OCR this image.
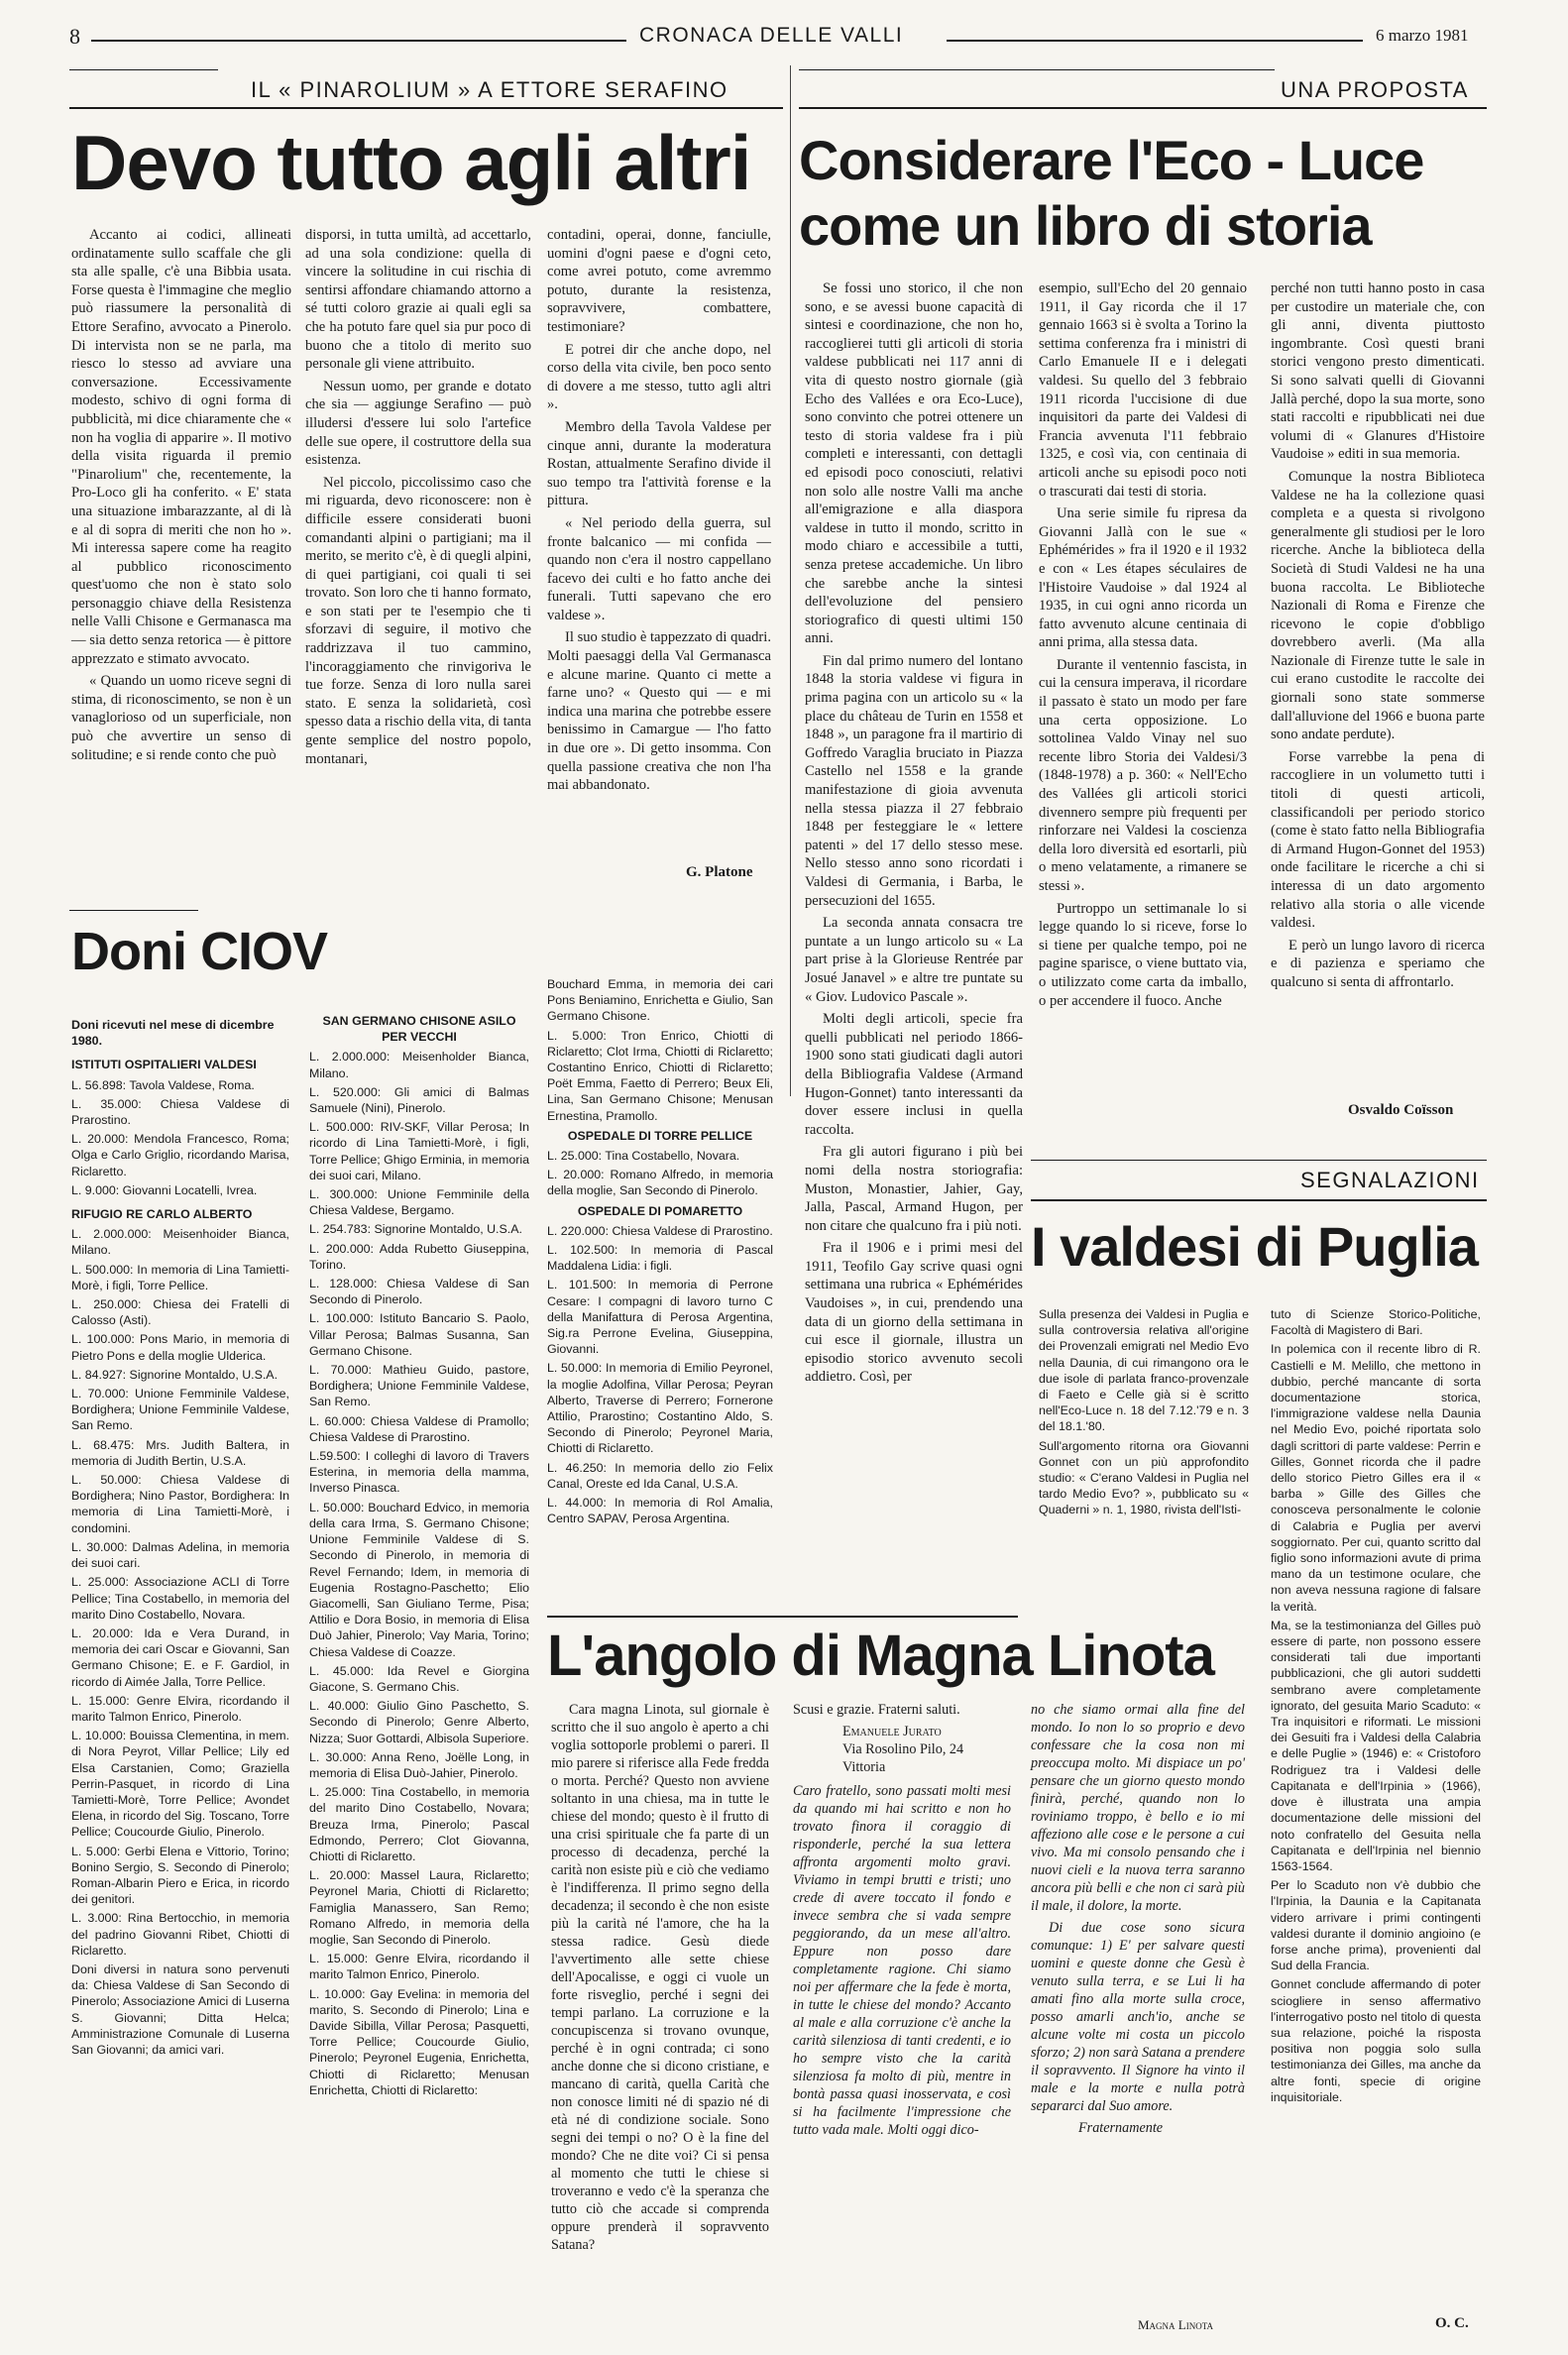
8	CRONACA DELLE VALLI	6 marzo 1981
IL « PINAROLIUM » A ETTORE SERAFINO
Devo tutto agli altri

Accanto ai codici, allineati ordinatamente sullo scaffale che gli sta alle spalle, c'è una Bibbia usata. Forse questa è l'immagine che meglio può riassumere la personalità di Ettore Serafino, avvocato a Pinerolo. Di intervista non se ne parla, ma riesco lo stesso ad avviare una conversazione. Eccessivamente modesto, schivo di ogni forma di pubblicità, mi dice chiaramente che « non ha voglia di apparire ». Il motivo della visita riguarda il premio "Pinarolium" che, recentemente, la Pro-Loco gli ha conferito. « E' stata una situazione imbarazzante, al di là e al di sopra di meriti che non ho ». Mi interessa sapere come ha reagito al pubblico riconoscimento quest'uomo che non è stato solo personaggio chiave della Resistenza nelle Valli Chisone e Germanasca ma — sia detto senza retorica — è pittore apprezzato e stimato avvocato.

« Quando un uomo riceve segni di stima, di riconoscimento, se non è un vanaglorioso od un superficiale, non può che avvertire un senso di solitudine; e si rende conto che può

disporsi, in tutta umiltà, ad accettarlo, ad una sola condizione: quella di vincere la solitudine in cui rischia di sentirsi affondare chiamando attorno a sé tutti coloro grazie ai quali egli sa che ha potuto fare quel sia pur poco di buono che a titolo di merito suo personale gli viene attribuito.

Nessun uomo, per grande e dotato che sia — aggiunge Serafino — può illudersi d'essere lui solo l'artefice delle sue opere, il costruttore della sua esistenza.

Nel piccolo, piccolissimo caso che mi riguarda, devo riconoscere: non è difficile essere considerati buoni comandanti alpini o partigiani; ma il merito, se merito c'è, è di quegli alpini, di quei partigiani, coi quali ti sei trovato. Son loro che ti hanno formato, e son stati per te l'esempio che ti sforzavi di seguire, il motivo che raddrizzava il tuo cammino, l'incoraggiamento che rinvigoriva le tue forze. Senza di loro nulla sarei stato. E senza la solidarietà, così spesso data a rischio della vita, di tanta gente semplice del nostro popolo, montanari,

contadini, operai, donne, fanciulle, uomini d'ogni paese e d'ogni ceto, come avrei potuto, come avremmo potuto, durante la resistenza, sopravvivere, combattere, testimoniare?

E potrei dir che anche dopo, nel corso della vita civile, ben poco sento di dovere a me stesso, tutto agli altri ».

Membro della Tavola Valdese per cinque anni, durante la moderatura Rostan, attualmente Serafino divide il suo tempo tra l'attività forense e la pittura.

« Nel periodo della guerra, sul fronte balcanico — mi confida — quando non c'era il nostro cappellano facevo dei culti e ho fatto anche dei funerali. Tutti sapevano che ero valdese ».

Il suo studio è tappezzato di quadri. Molti paesaggi della Val Germanasca e alcune marine. Quanto ci mette a farne uno? « Questo qui — e mi indica una marina che potrebbe essere benissimo in Camargue — l'ho fatto in due ore ». Di getto insomma. Con quella passione creativa che non l'ha mai abbandonato.

G. Platone
UNA PROPOSTA
Considerare l'Eco - Luce
come un libro di storia

Se fossi uno storico, il che non sono, e se avessi buone capacità di sintesi e coordinazione, che non ho, raccoglierei tutti gli articoli di storia valdese pubblicati nei 117 anni di vita di questo nostro giornale (già Echo des Vallées e ora Eco-Luce), sono convinto che potrei ottenere un testo di storia valdese fra i più completi e interessanti, con dettagli ed episodi poco conosciuti, relativi non solo alle nostre Valli ma anche all'emigrazione e alla diaspora valdese in tutto il mondo, scritto in modo chiaro e accessibile a tutti, senza pretese accademiche. Un libro che sarebbe anche la sintesi dell'evoluzione del pensiero storiografico di questi ultimi 150 anni.

Fin dal primo numero del lontano 1848 la storia valdese vi figura in prima pagina con un articolo su « la place du château de Turin en 1558 et 1848 », un paragone fra il martirio di Goffredo Varaglia bruciato in Piazza Castello nel 1558 e la grande manifestazione di gioia avvenuta nella stessa piazza il 27 febbraio 1848 per festeggiare le « lettere patenti » del 17 dello stesso mese. Nello stesso anno sono ricordati i Valdesi di Germania, i Barba, le persecuzioni del 1655.

La seconda annata consacra tre puntate a un lungo articolo su « La part prise à la Glorieuse Rentrée par Josué Janavel » e altre tre puntate su « Giov. Ludovico Pascale ».

Molti degli articoli, specie fra quelli pubblicati nel periodo 1866-1900 sono stati giudicati dagli autori della Bibliografia Valdese (Armand Hugon-Gonnet) tanto interessanti da dover essere inclusi in quella raccolta.

Fra gli autori figurano i più bei nomi della nostra storiografia: Muston, Monastier, Jahier, Gay, Jalla, Pascal, Armand Hugon, per non citare che qualcuno fra i più noti.

Fra il 1906 e i primi mesi del 1911, Teofilo Gay scrive quasi ogni settimana una rubrica « Ephémérides Vaudoises », in cui, prendendo una data di un giorno della settimana in cui esce il giornale, illustra un episodio storico avvenuto secoli addietro. Così, per

esempio, sull'Echo del 20 gennaio 1911, il Gay ricorda che il 17 gennaio 1663 si è svolta a Torino la settima conferenza fra i ministri di Carlo Emanuele II e i delegati valdesi. Su quello del 3 febbraio 1911 ricorda l'uccisione di due inquisitori da parte dei Valdesi di Francia avvenuta l'11 febbraio 1325, e così via, con centinaia di articoli anche su episodi poco noti o trascurati dai testi di storia.

Una serie simile fu ripresa da Giovanni Jallà con le sue « Ephémérides » fra il 1920 e il 1932 e con « Les étapes séculaires de l'Histoire Vaudoise » dal 1924 al 1935, in cui ogni anno ricorda un fatto avvenuto alcune centinaia di anni prima, alla stessa data.

Durante il ventennio fascista, in cui la censura imperava, il ricordare il passato è stato un modo per fare una certa opposizione. Lo sottolinea Valdo Vinay nel suo recente libro Storia dei Valdesi/3 (1848-1978) a p. 360: « Nell'Echo des Vallées gli articoli storici divennero sempre più frequenti per rinforzare nei Valdesi la coscienza della loro diversità ed esortarli, più o meno velatamente, a rimanere se stessi ».

Purtroppo un settimanale lo si legge quando lo si riceve, forse lo si tiene per qualche tempo, poi ne pagine sparisce, o viene buttato via, o utilizzato come carta da imballo, o per accendere il fuoco. Anche

perché non tutti hanno posto in casa per custodire un materiale che, con gli anni, diventa piuttosto ingombrante. Così questi brani storici vengono presto dimenticati. Si sono salvati quelli di Giovanni Jallà perché, dopo la sua morte, sono stati raccolti e ripubblicati nei due volumi di « Glanures d'Histoire Vaudoise » editi in sua memoria.

Comunque la nostra Biblioteca Valdese ne ha la collezione quasi completa e a questa si rivolgono generalmente gli studiosi per le loro ricerche. Anche la biblioteca della Società di Studi Valdesi ne ha una buona raccolta. Le Biblioteche Nazionali di Roma e Firenze che ricevono le copie d'obbligo dovrebbero averli. (Ma alla Nazionale di Firenze tutte le sale in cui erano custodite le raccolte dei giornali sono state sommerse dall'alluvione del 1966 e buona parte sono andate perdute).

Forse varrebbe la pena di raccogliere in un volumetto tutti i titoli di questi articoli, classificandoli per periodo storico (come è stato fatto nella Bibliografia di Armand Hugon-Gonnet del 1953) onde facilitare le ricerche a chi si interessa di un dato argomento relativo alla storia o alle vicende valdesi.

E però un lungo lavoro di ricerca e di pazienza e speriamo che qualcuno si senta di affrontarlo.

Osvaldo Coïsson
Doni CIOV
Doni ricevuti nel mese di dicembre 1980.
ISTITUTI OSPITALIERI VALDESI

L. 56.898: Tavola Valdese, Roma.

L. 35.000: Chiesa Valdese di Prarostino.

L. 20.000: Mendola Francesco, Roma; Olga e Carlo Griglio, ricordando Marisa, Riclaretto.

L. 9.000: Giovanni Locatelli, Ivrea.

RIFUGIO RE CARLO ALBERTO

L. 2.000.000: Meisenhoider Bianca, Milano.

L. 500.000: In memoria di Lina Tamietti-Morè, i figli, Torre Pellice.

L. 250.000: Chiesa dei Fratelli di Calosso (Asti).

L. 100.000: Pons Mario, in memoria di Pietro Pons e della moglie Ulderica.

L. 84.927: Signorine Montaldo, U.S.A.

L. 70.000: Unione Femminile Valdese, Bordighera; Unione Femminile Valdese, San Remo.

L. 68.475: Mrs. Judith Baltera, in memoria di Judith Bertin, U.S.A.

L. 50.000: Chiesa Valdese di Bordighera; Nino Pastor, Bordighera: In memoria di Lina Tamietti-Morè, i condomini.

L. 30.000: Dalmas Adelina, in memoria dei suoi cari.

L. 25.000: Associazione ACLI di Torre Pellice; Tina Costabello, in memoria del marito Dino Costabello, Novara.

L. 20.000: Ida e Vera Durand, in memoria dei cari Oscar e Giovanni, San Germano Chisone; E. e F. Gardiol, in ricordo di Aimée Jalla, Torre Pellice.

L. 15.000: Genre Elvira, ricordando il marito Talmon Enrico, Pinerolo.

L. 10.000: Bouissa Clementina, in mem. di Nora Peyrot, Villar Pellice; Lily ed Elsa Carstanien, Como; Graziella Perrin-Pasquet, in ricordo di Lina Tamietti-Morè, Torre Pellice; Avondet Elena, in ricordo del Sig. Toscano, Torre Pellice; Coucourde Giulio, Pinerolo.

L. 5.000: Gerbi Elena e Vittorio, Torino; Bonino Sergio, S. Secondo di Pinerolo; Roman-Albarin Piero e Erica, in ricordo dei genitori.

L. 3.000: Rina Bertocchio, in memoria del padrino Giovanni Ribet, Chiotti di Riclaretto.

Doni diversi in natura sono pervenuti da: Chiesa Valdese di San Secondo di Pinerolo; Associazione Amici di Luserna S. Giovanni; Ditta Helca; Amministrazione Comunale di Luserna San Giovanni; da amici vari.

SAN GERMANO CHISONE ASILO PER VECCHI

L. 2.000.000: Meisenholder Bianca, Milano.

L. 520.000: Gli amici di Balmas Samuele (Nini), Pinerolo.

L. 500.000: RIV-SKF, Villar Perosa; In ricordo di Lina Tamietti-Morè, i figli, Torre Pellice; Ghigo Erminia, in memoria dei suoi cari, Milano.

L. 300.000: Unione Femminile della Chiesa Valdese, Bergamo.

L. 254.783: Signorine Montaldo, U.S.A.

L. 200.000: Adda Rubetto Giuseppina, Torino.

L. 128.000: Chiesa Valdese di San Secondo di Pinerolo.

L. 100.000: Istituto Bancario S. Paolo, Villar Perosa; Balmas Susanna, San Germano Chisone.

L. 70.000: Mathieu Guido, pastore, Bordighera; Unione Femminile Valdese, San Remo.

L. 60.000: Chiesa Valdese di Pramollo; Chiesa Valdese di Prarostino.

L.59.500: I colleghi di lavoro di Travers Esterina, in memoria della mamma, Inverso Pinasca.

L. 50.000: Bouchard Edvico, in memoria della cara Irma, S. Germano Chisone; Unione Femminile Valdese di S. Secondo di Pinerolo, in memoria di Revel Fernando; Idem, in memoria di Eugenia Rostagno-Paschetto; Elio Giacomelli, San Giuliano Terme, Pisa; Attilio e Dora Bosio, in memoria di Elisa Duò Jahier, Pinerolo; Vay Maria, Torino; Chiesa Valdese di Coazze.

L. 45.000: Ida Revel e Giorgina Giacone, S. Germano Chis.

L. 40.000: Giulio Gino Paschetto, S. Secondo di Pinerolo; Genre Alberto, Nizza; Suor Gottardi, Albisola Superiore.

L. 30.000: Anna Reno, Joëlle Long, in memoria di Elisa Duò-Jahier, Pinerolo.

L. 25.000: Tina Costabello, in memoria del marito Dino Costabello, Novara; Breuza Irma, Pinerolo; Pascal Edmondo, Perrero; Clot Giovanna, Chiotti di Riclaretto.

L. 20.000: Massel Laura, Riclaretto; Peyronel Maria, Chiotti di Riclaretto; Famiglia Manassero, San Remo; Romano Alfredo, in memoria della moglie, San Secondo di Pinerolo.

L. 15.000: Genre Elvira, ricordando il marito Talmon Enrico, Pinerolo.

L. 10.000: Gay Evelina: in memoria del marito, S. Secondo di Pinerolo; Lina e Davide Sibilla, Villar Perosa; Pasquetti, Torre Pellice; Coucourde Giulio, Pinerolo; Peyronel Eugenia, Enrichetta, Chiotti di Riclaretto; Menusan Enrichetta, Chiotti di Riclaretto:

Bouchard Emma, in memoria dei cari Pons Beniamino, Enrichetta e Giulio, San Germano Chisone.

L. 5.000: Tron Enrico, Chiotti di Riclaretto; Clot Irma, Chiotti di Riclaretto; Costantino Enrico, Chiotti di Riclaretto; Poët Emma, Faetto di Perrero; Beux Eli, Lina, San Germano Chisone; Menusan Ernestina, Pramollo.

OSPEDALE DI TORRE PELLICE

L. 25.000: Tina Costabello, Novara.

L. 20.000: Romano Alfredo, in memoria della moglie, San Secondo di Pinerolo.

OSPEDALE DI POMARETTO

L. 220.000: Chiesa Valdese di Prarostino.

L. 102.500: In memoria di Pascal Maddalena Lidia: i figli.

L. 101.500: In memoria di Perrone Cesare: I compagni di lavoro turno C della Manifattura di Perosa Argentina, Sig.ra Perrone Evelina, Giuseppina, Giovanni.

L. 50.000: In memoria di Emilio Peyronel, la moglie Adolfina, Villar Perosa; Peyran Alberto, Traverse di Perrero; Fornerone Attilio, Prarostino; Costantino Aldo, S. Secondo di Pinerolo; Peyronel Maria, Chiotti di Riclaretto.

L. 46.250: In memoria dello zio Felix Canal, Oreste ed Ida Canal, U.S.A.

L. 44.000: In memoria di Rol Amalia, Centro SAPAV, Perosa Argentina.

SEGNALAZIONI
I valdesi di Puglia

Sulla presenza dei Valdesi in Puglia e sulla controversia relativa all'origine dei Provenzali emigrati nel Medio Evo nella Daunia, di cui rimangono ora le due isole di parlata franco-provenzale di Faeto e Celle già si è scritto nell'Eco-Luce n. 18 del 7.12.'79 e n. 3 del 18.1.'80.

Sull'argomento ritorna ora Giovanni Gonnet con un più approfondito studio: « C'erano Valdesi in Puglia nel tardo Medio Evo? », pubblicato su « Quaderni » n. 1, 1980, rivista dell'Isti-

tuto di Scienze Storico-Politiche, Facoltà di Magistero di Bari.

In polemica con il recente libro di R. Castielli e M. Melillo, che mettono in dubbio, perché mancante di sorta documentazione storica, l'immigrazione valdese nella Daunia nel Medio Evo, poiché riportata solo dagli scrittori di parte valdese: Perrin e Gilles, Gonnet ricorda che il padre dello storico Pietro Gilles era il « barba » Gille des Gilles che conosceva personalmente le colonie di Calabria e Puglia per avervi soggiornato. Per cui, quanto scritto dal figlio sono informazioni avute di prima mano da un testimone oculare, che non aveva nessuna ragione di falsare la verità.

Ma, se la testimonianza del Gilles può essere di parte, non possono essere considerati tali due importanti pubblicazioni, che gli autori suddetti sembrano avere completamente ignorato, del gesuita Mario Scaduto: « Tra inquisitori e riformati. Le missioni dei Gesuiti fra i Valdesi della Calabria e delle Puglie » (1946) e: « Cristoforo Rodriguez tra i Valdesi delle Capitanata e dell'Irpinia » (1966), dove è illustrata una ampia documentazione delle missioni del noto confratello del Gesuita nella Capitanata e dell'Irpinia nel biennio 1563-1564.

Per lo Scaduto non v'è dubbio che l'Irpinia, la Daunia e la Capitanata videro arrivare i primi contingenti valdesi durante il dominio angioino (e forse anche prima), provenienti dal Sud della Francia.

Gonnet conclude affermando di poter sciogliere in senso affermativo l'interrogativo posto nel titolo di questa sua relazione, poiché la risposta positiva non poggia solo sulla testimonianza dei Gilles, ma anche da altre fonti, specie di origine inquisitoriale.

O. C.
L'angolo di Magna Linota

Cara magna Linota, sul giornale è scritto che il suo angolo è aperto a chi voglia sottoporle problemi o pareri. Il mio parere si riferisce alla Fede fredda o morta. Perché? Questo non avviene soltanto in una chiesa, ma in tutte le chiese del mondo; questo è il frutto di una crisi spirituale che fa parte di un processo di decadenza, perché la carità non esiste più e ciò che vediamo è l'indifferenza. Il primo segno della decadenza; il secondo è che non esiste più la carità né l'amore, che ha la stessa radice. Gesù diede l'avvertimento alle sette chiese dell'Apocalisse, e oggi ci vuole un forte risveglio, perché i segni dei tempi parlano. La corruzione e la concupiscenza si trovano ovunque, perché è in ogni contrada; ci sono anche donne che si dicono cristiane, e mancano di carità, quella Carità che non conosce limiti né di spazio né di età né di condizione sociale. Sono segni dei tempi o no? O è la fine del mondo? Che ne dite voi? Ci si pensa al momento che tutti le chiese si troveranno e vedo c'è la speranza che tutto ciò che accade si comprenda oppure prenderà il sopravvento Satana?

Scusi e grazie. Fraterni saluti.

Emanuele Jurato
Via Rosolino Pilo, 24
Vittoria

Caro fratello, sono passati molti mesi da quando mi hai scritto e non ho trovato finora il coraggio di risponderle, perché la sua lettera affronta argomenti molto gravi. Viviamo in tempi brutti e tristi; uno crede di avere toccato il fondo e invece sembra che si vada sempre peggiorando, da un mese all'altro. Eppure non posso dare completamente ragione. Chi siamo noi per affermare che la fede è morta, in tutte le chiese del mondo? Accanto al male e alla corruzione c'è anche la carità silenziosa di tanti credenti, e io ho sempre visto che la carità silenziosa fa molto di più, mentre in bontà passa quasi inosservata, e così si ha facilmente l'impressione che tutto vada male. Molti oggi dico-

no che siamo ormai alla fine del mondo. Io non lo so proprio e devo confessare che la cosa non mi preoccupa molto. Mi dispiace un po' pensare che un giorno questo mondo finirà, perché, quando non lo roviniamo troppo, è bello e io mi affeziono alle cose e le persone a cui vivo. Ma mi consolo pensando che i nuovi cieli e la nuova terra saranno ancora più belli e che non ci sarà più il male, il dolore, la morte.

Di due cose sono sicura comunque: 1) E' per salvare questi uomini e queste donne che Gesù è venuto sulla terra, e se Lui li ha amati fino alla morte sulla croce, posso amarli anch'io, anche se alcune volte mi costa un piccolo sforzo; 2) non sarà Satana a prendere il sopravvento. Il Signore ha vinto il male e la morte e nulla potrà separarci dal Suo amore.

Fraternamente

Magna Linota
